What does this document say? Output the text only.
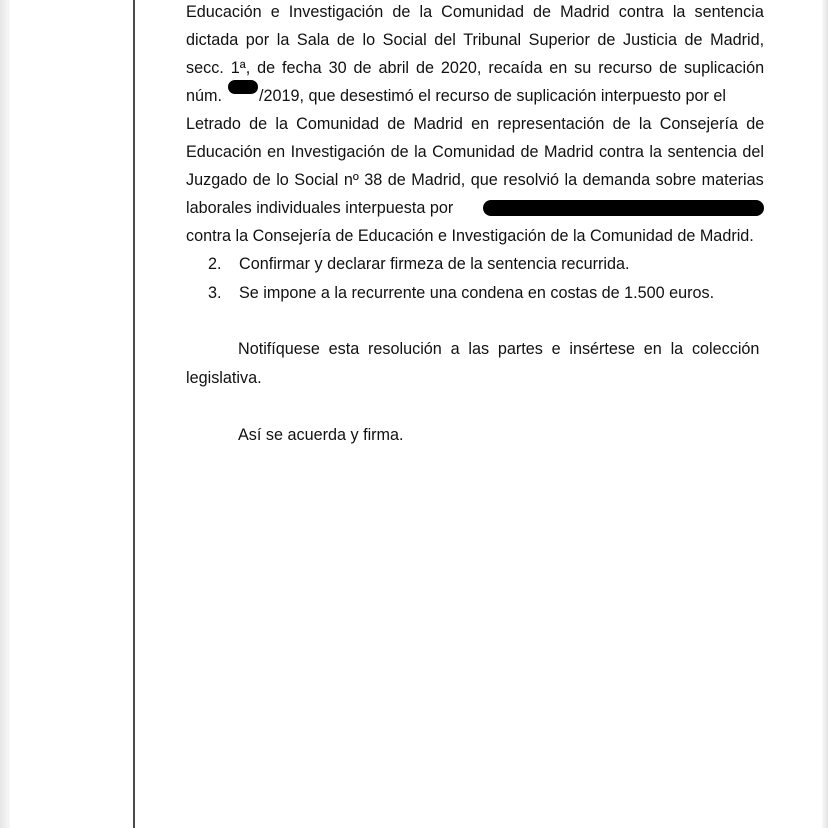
Educación e Investigación de la Comunidad de Madrid contra la sentencia
dictada por la Sala de lo Social del Tribunal Superior de Justicia de Madrid,
secc. 1ª, de fecha 30 de abril de 2020, recaída en su recurso de suplicación
núm. /2019, que desestimó el recurso de suplicación interpuesto por el
Letrado de la Comunidad de Madrid en representación de la Consejería de
Educación en Investigación de la Comunidad de Madrid contra la sentencia del
Juzgado de lo Social nº 38 de Madrid, que resolvió la demanda sobre materias
laborales individuales interpuesta por
contra la Consejería de Educación e Investigación de la Comunidad de Madrid.
2. Confirmar y declarar firmeza de la sentencia recurrida.
3. Se impone a la recurrente una condena en costas de 1.500 euros.
Notifíquese esta resolución a las partes e insértese en la colección
legislativa.
Así se acuerda y firma.
